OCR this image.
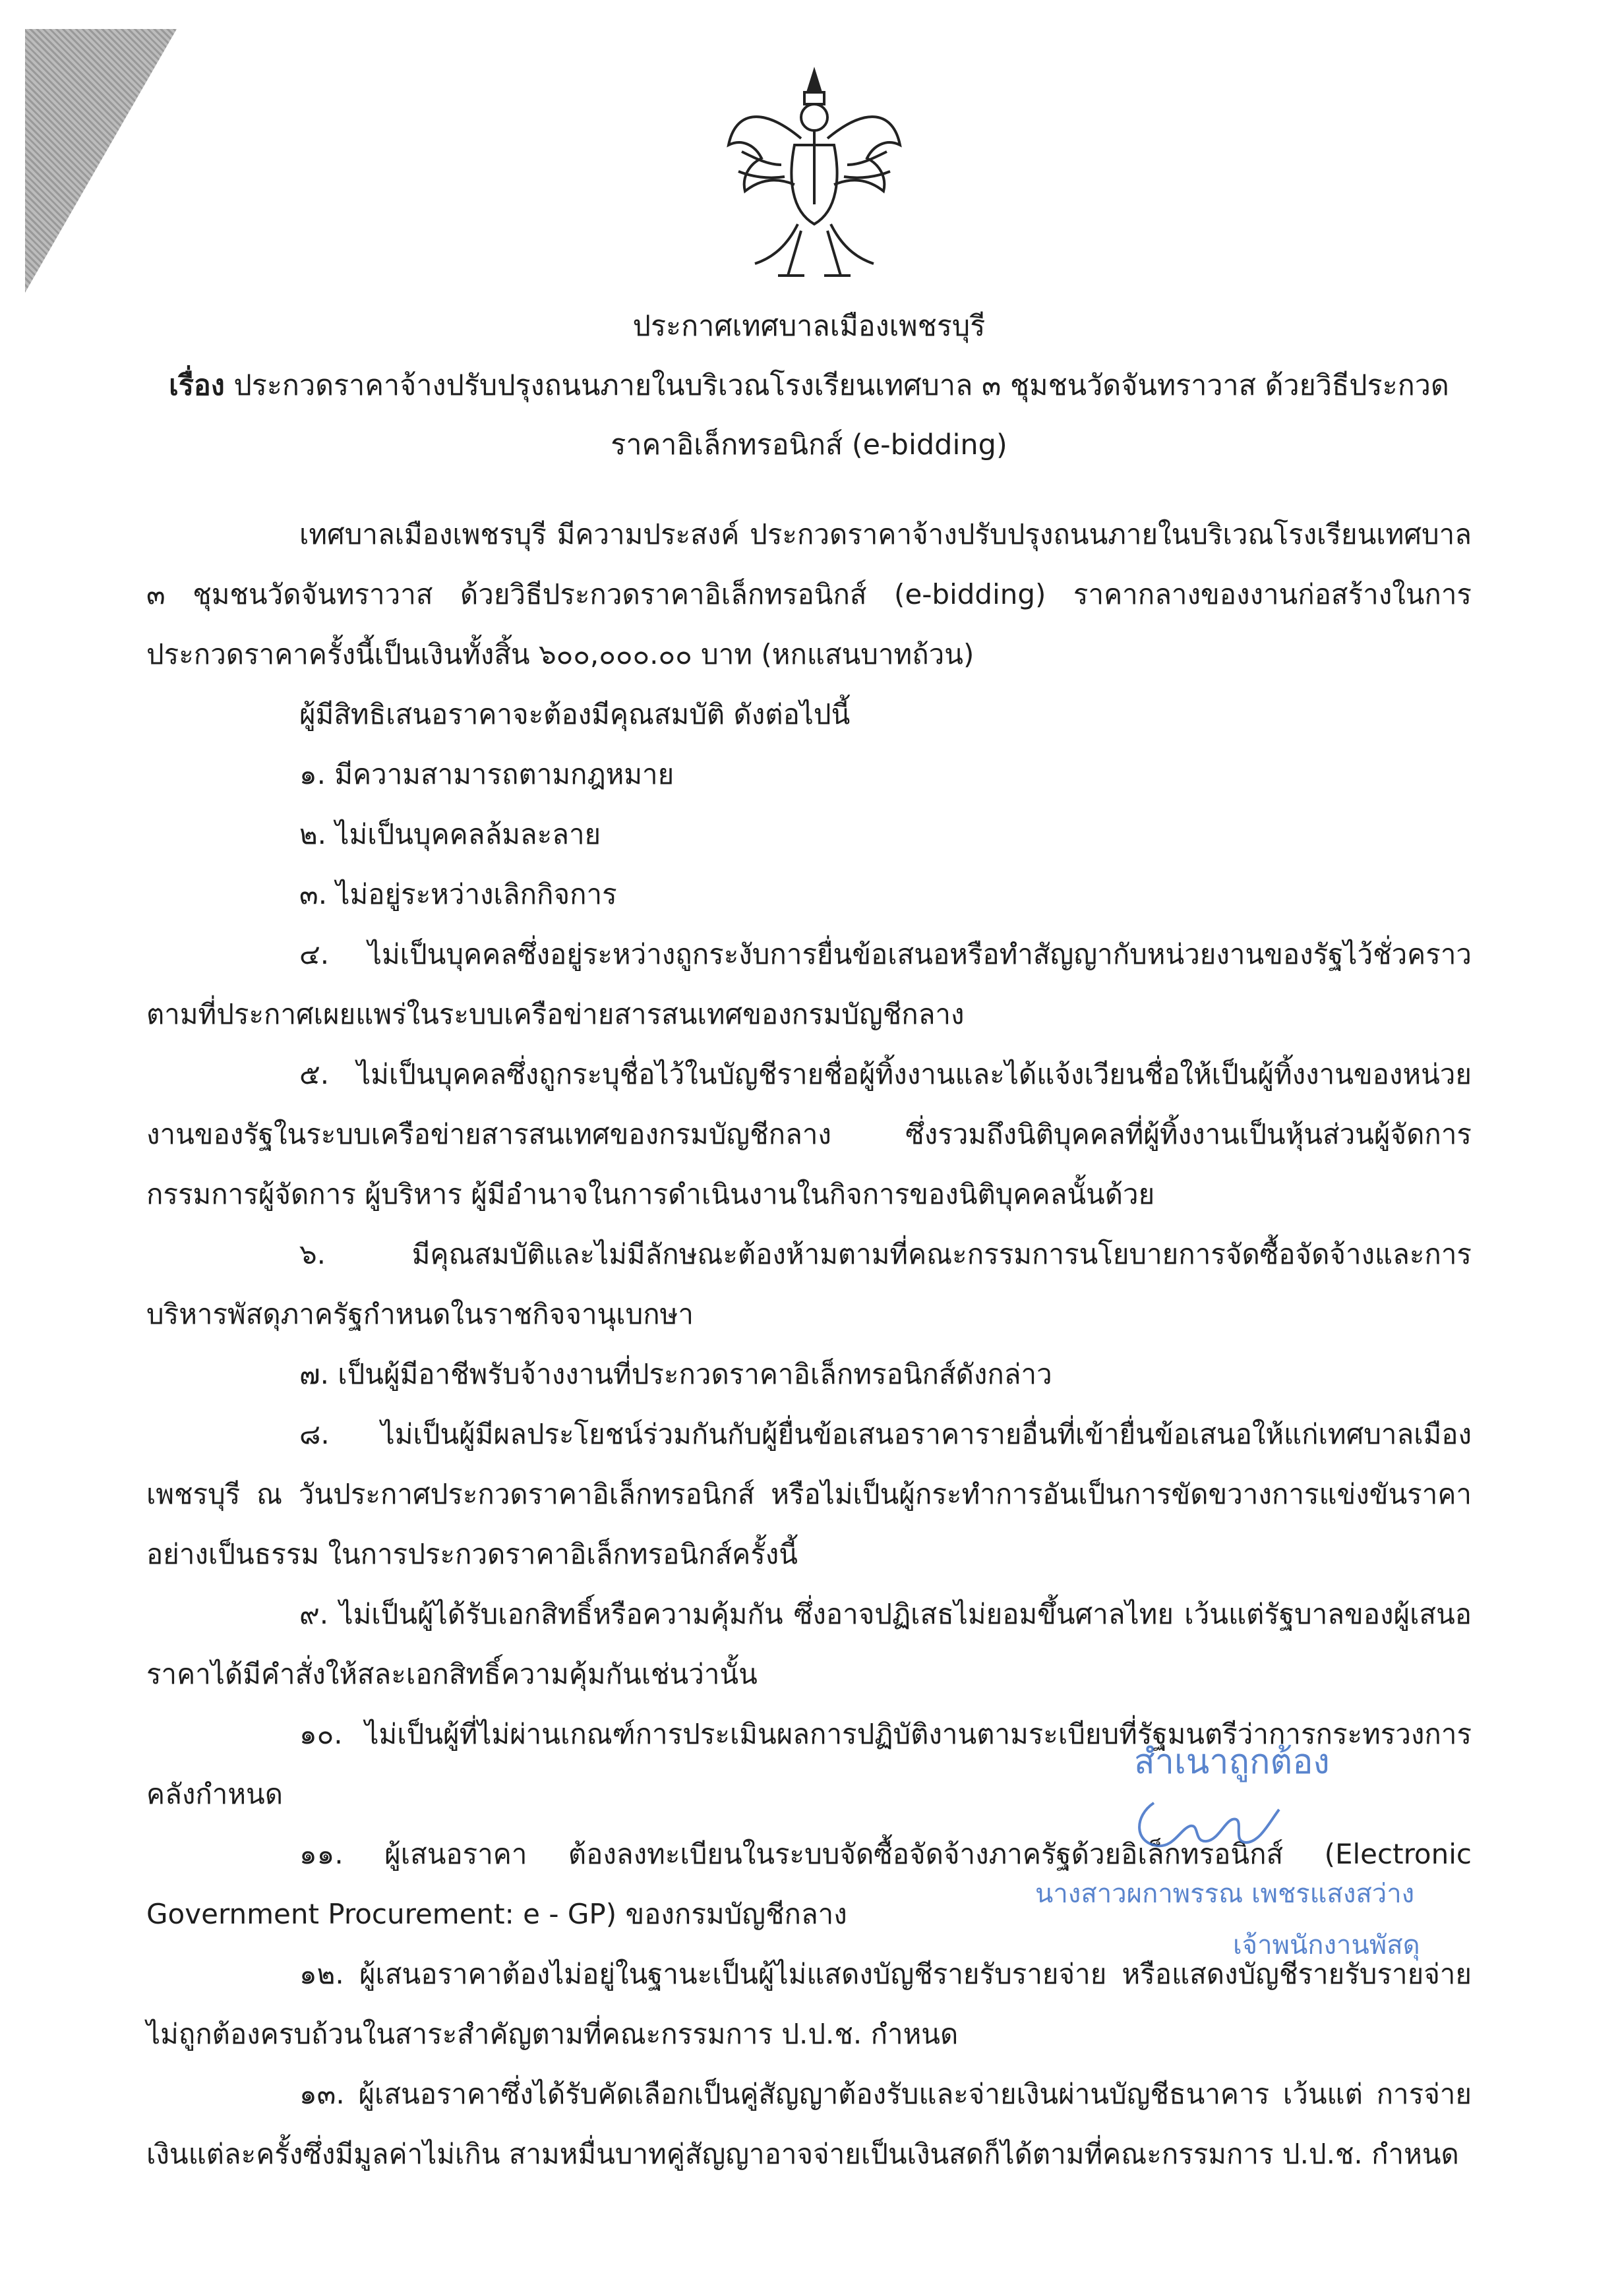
ประกาศเทศบาลเมืองเพชรบุรี
เรื่อง ประกวดราคาจ้างปรับปรุงถนนภายในบริเวณโรงเรียนเทศบาล ๓ ชุมชนวัดจันทราวาส ด้วยวิธีประกวด
ราคาอิเล็กทรอนิกส์ (e-bidding)

เทศบาลเมืองเพชรบุรี มีความประสงค์ ประกวดราคาจ้างปรับปรุงถนนภายในบริเวณโรงเรียนเทศบาล ๓ ชุมชนวัดจันทราวาส ด้วยวิธีประกวดราคาอิเล็กทรอนิกส์ (e-bidding) ราคากลางของงานก่อสร้างในการประกวดราคาครั้งนี้เป็นเงินทั้งสิ้น ๖๐๐,๐๐๐.๐๐ บาท (หกแสนบาทถ้วน)

ผู้มีสิทธิเสนอราคาจะต้องมีคุณสมบัติ ดังต่อไปนี้

๑. มีความสามารถตามกฎหมาย

๒. ไม่เป็นบุคคลล้มละลาย

๓. ไม่อยู่ระหว่างเลิกกิจการ

๔. ไม่เป็นบุคคลซึ่งอยู่ระหว่างถูกระงับการยื่นข้อเสนอหรือทำสัญญากับหน่วยงานของรัฐไว้ชั่วคราวตามที่ประกาศเผยแพร่ในระบบเครือข่ายสารสนเทศของกรมบัญชีกลาง

๕. ไม่เป็นบุคคลซึ่งถูกระบุชื่อไว้ในบัญชีรายชื่อผู้ทิ้งงานและได้แจ้งเวียนชื่อให้เป็นผู้ทิ้งงานของหน่วยงานของรัฐในระบบเครือข่ายสารสนเทศของกรมบัญชีกลาง ซึ่งรวมถึงนิติบุคคลที่ผู้ทิ้งงานเป็นหุ้นส่วนผู้จัดการ กรรมการผู้จัดการ ผู้บริหาร ผู้มีอำนาจในการดำเนินงานในกิจการของนิติบุคคลนั้นด้วย

๖. มีคุณสมบัติและไม่มีลักษณะต้องห้ามตามที่คณะกรรมการนโยบายการจัดซื้อจัดจ้างและการบริหารพัสดุภาครัฐกำหนดในราชกิจจานุเบกษา

๗. เป็นผู้มีอาชีพรับจ้างงานที่ประกวดราคาอิเล็กทรอนิกส์ดังกล่าว

๘. ไม่เป็นผู้มีผลประโยชน์ร่วมกันกับผู้ยื่นข้อเสนอราคารายอื่นที่เข้ายื่นข้อเสนอให้แก่เทศบาลเมืองเพชรบุรี ณ วันประกาศประกวดราคาอิเล็กทรอนิกส์ หรือไม่เป็นผู้กระทำการอันเป็นการขัดขวางการแข่งขันราคาอย่างเป็นธรรม ในการประกวดราคาอิเล็กทรอนิกส์ครั้งนี้

๙. ไม่เป็นผู้ได้รับเอกสิทธิ์หรือความคุ้มกัน ซึ่งอาจปฏิเสธไม่ยอมขึ้นศาลไทย เว้นแต่รัฐบาลของผู้เสนอราคาได้มีคำสั่งให้สละเอกสิทธิ์ความคุ้มกันเช่นว่านั้น

๑๐. ไม่เป็นผู้ที่ไม่ผ่านเกณฑ์การประเมินผลการปฏิบัติงานตามระเบียบที่รัฐมนตรีว่าการกระทรวงการคลังกำหนด

๑๑. ผู้เสนอราคา ต้องลงทะเบียนในระบบจัดซื้อจัดจ้างภาครัฐด้วยอิเล็กทรอนิกส์ (Electronic Government Procurement: e - GP) ของกรมบัญชีกลาง

๑๒. ผู้เสนอราคาต้องไม่อยู่ในฐานะเป็นผู้ไม่แสดงบัญชีรายรับรายจ่าย หรือแสดงบัญชีรายรับรายจ่ายไม่ถูกต้องครบถ้วนในสาระสำคัญตามที่คณะกรรมการ ป.ป.ช. กำหนด

๑๓. ผู้เสนอราคาซึ่งได้รับคัดเลือกเป็นคู่สัญญาต้องรับและจ่ายเงินผ่านบัญชีธนาคาร เว้นแต่ การจ่ายเงินแต่ละครั้งซึ่งมีมูลค่าไม่เกิน สามหมื่นบาทคู่สัญญาอาจจ่ายเป็นเงินสดก็ได้ตามที่คณะกรรมการ ป.ป.ช. กำหนด

สำเนาถูกต้อง
นางสาวผกาพรรณ เพชรแสงสว่าง
เจ้าพนักงานพัสดุ
